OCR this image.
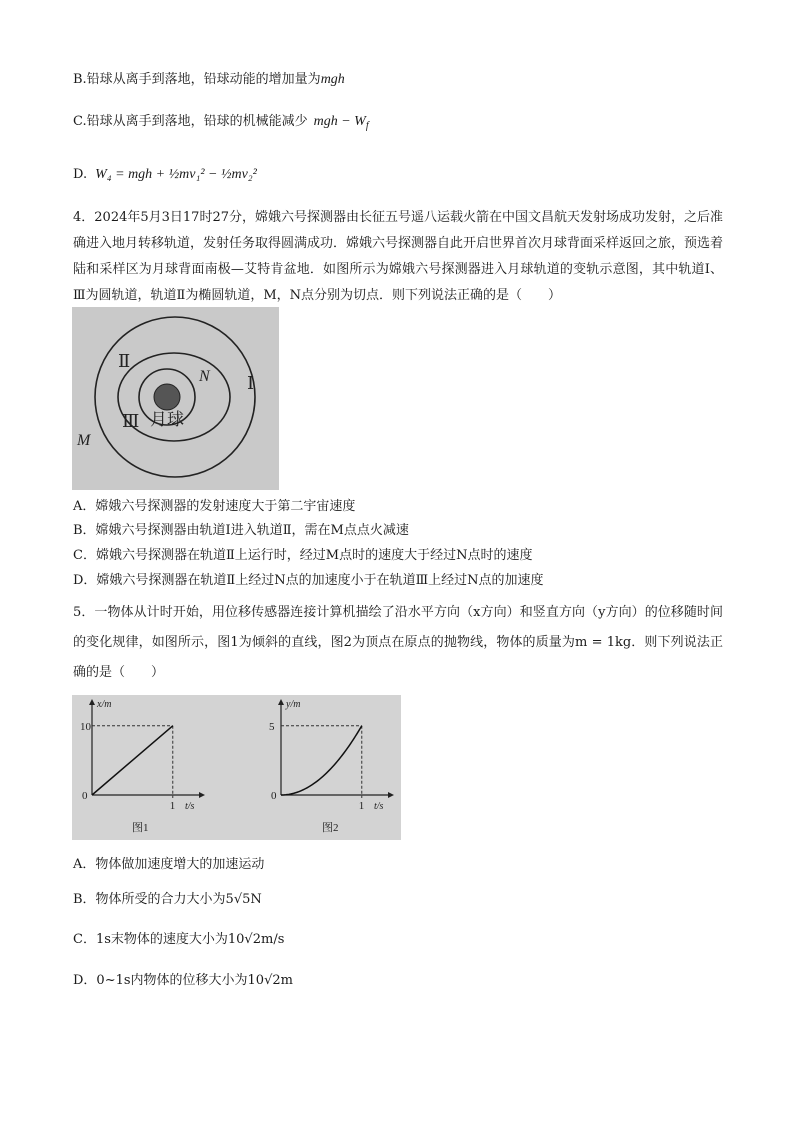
B.铅球从离手到落地，铅球动能的增加量为mgh
C.铅球从离手到落地，铅球的机械能减少 mgh − $W_f$
D. W₄ = mgh + ½mv₁² − ½mv₂²
4．2024年5月3日17时27分，嫦娥六号探测器由长征五号遥八运载火箭在中国文昌航天发射场成功发射，之后准确进入地月转移轨道，发射任务取得圆满成功．嫦娥六号探测器自此开启世界首次月球背面采样返回之旅，预选着陆和采样区为月球背面南极—艾特肯盆地．如图所示为嫦娥六号探测器进入月球轨道的变轨示意图，其中轨道Ⅰ、Ⅲ为圆轨道，轨道Ⅱ为椭圆轨道，M，N点分别为切点．则下列说法正确的是（　　）
Ⅱ
Ⅰ
Ⅲ
N
M
月球
A．嫦娥六号探测器的发射速度大于第二宇宙速度
B．嫦娥六号探测器由轨道Ⅰ进入轨道Ⅱ，需在M点点火减速
C．嫦娥六号探测器在轨道Ⅱ上运行时，经过M点时的速度大于经过N点时的速度
D．嫦娥六号探测器在轨道Ⅱ上经过N点的加速度小于在轨道Ⅲ上经过N点的加速度
5．一物体从计时开始，用位移传感器连接计算机描绘了沿水平方向（x方向）和竖直方向（y方向）的位移随时间的变化规律，如图所示，图1为倾斜的直线，图2为顶点在原点的抛物线，物体的质量为m = 1kg．则下列说法正确的是（　　）
10
1
0
x/m
t/s
图1
5
1
0
y/m
t/s
图2
A．物体做加速度增大的加速运动
B．物体所受的合力大小为5√5N
C．1s末物体的速度大小为10√2m/s
D．0~1s内物体的位移大小为10√2m
